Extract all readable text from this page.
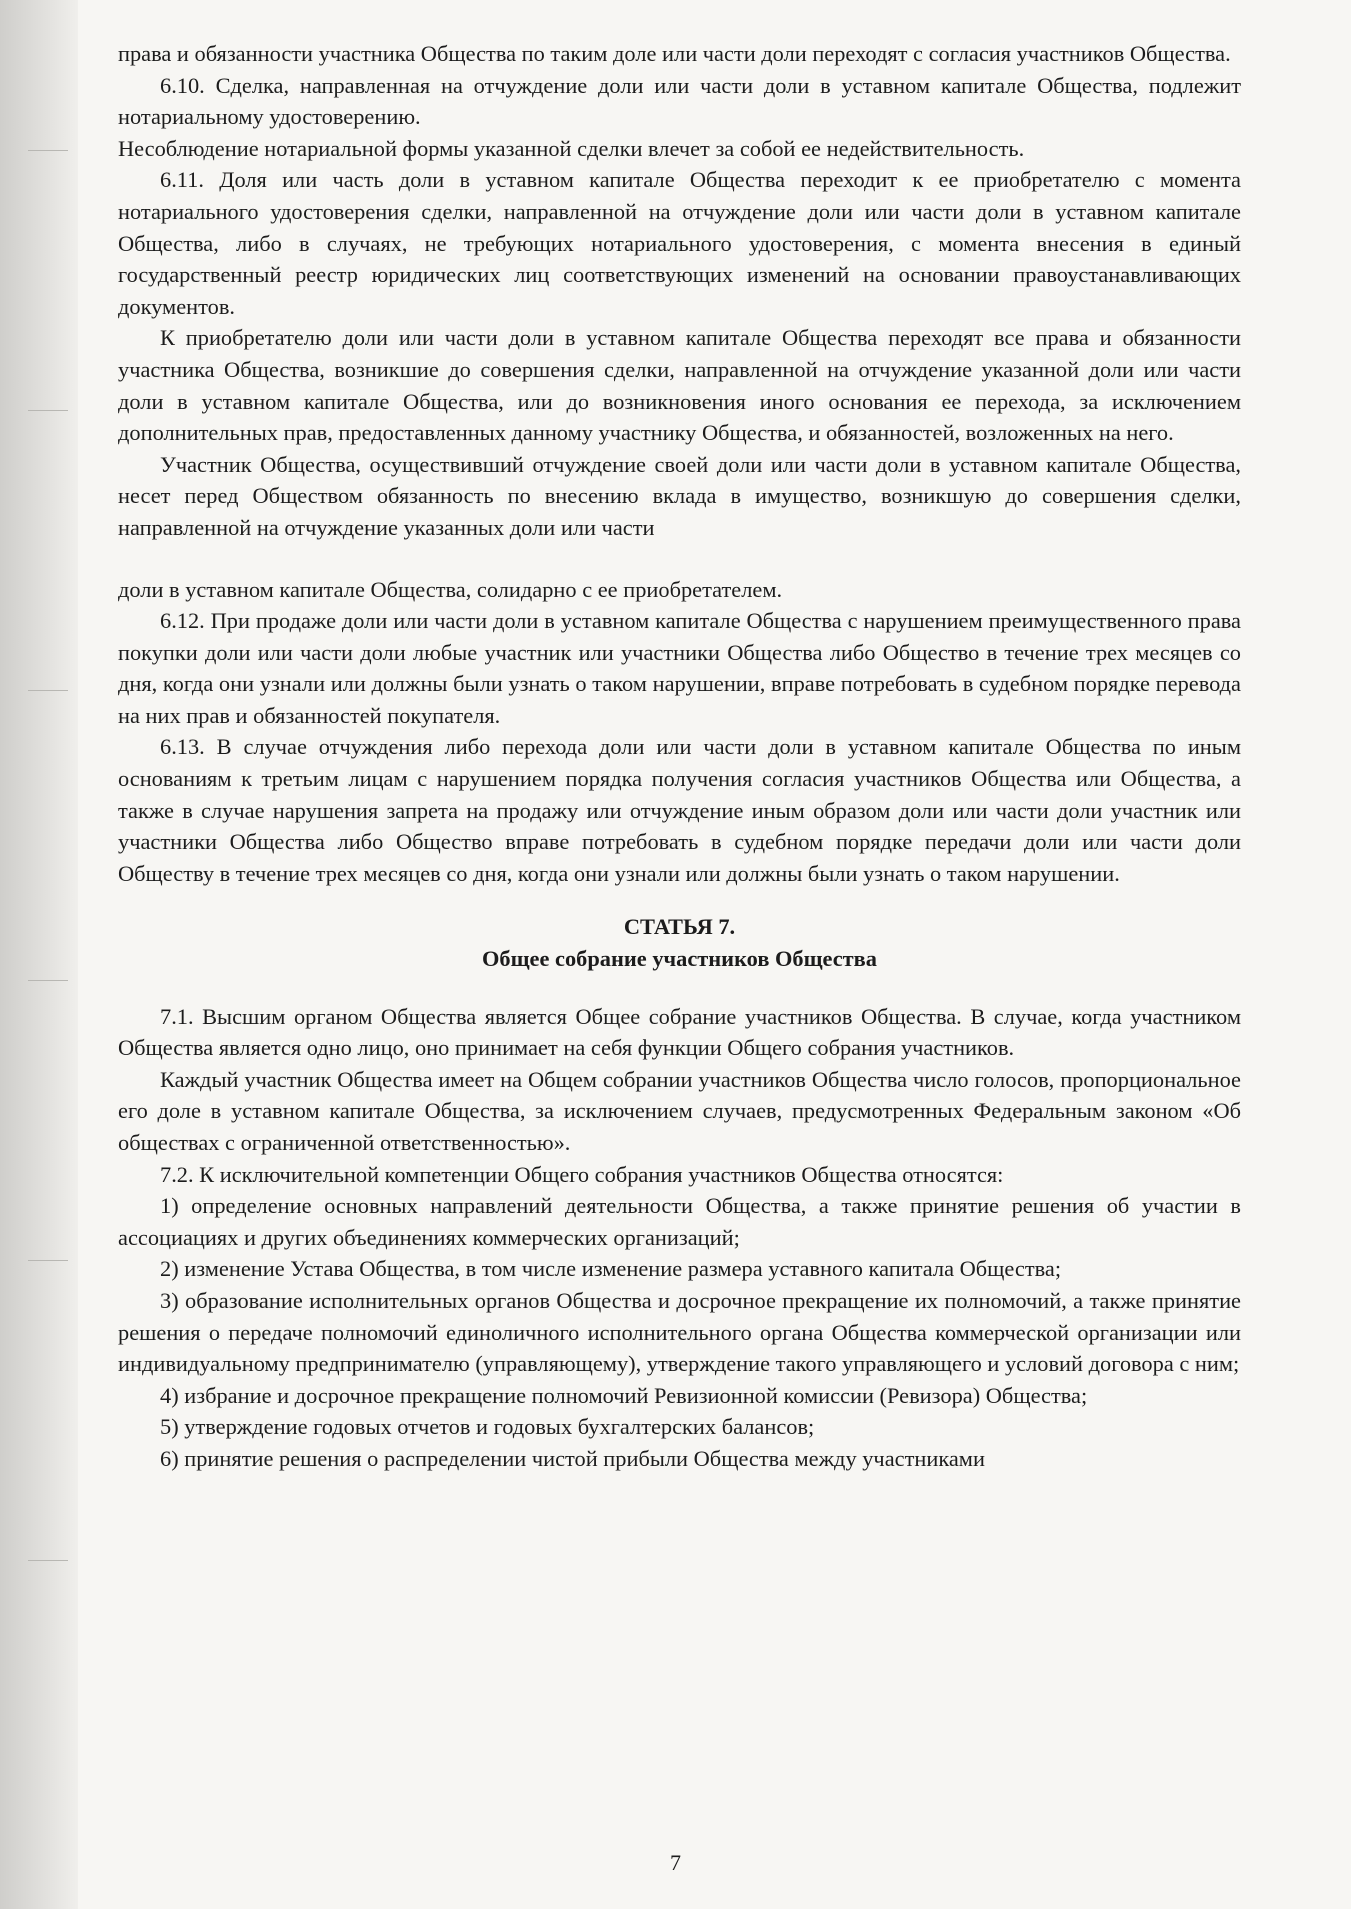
права и обязанности участника Общества по таким доле или части доли переходят с согласия участников Общества.

6.10. Сделка, направленная на отчуждение доли или части доли в уставном капитале Общества, подлежит нотариальному удостоверению.

Несоблюдение нотариальной формы указанной сделки влечет за собой ее недействительность.

6.11. Доля или часть доли в уставном капитале Общества переходит к ее приобретателю с момента нотариального удостоверения сделки, направленной на отчуждение доли или части доли в уставном капитале Общества, либо в случаях, не требующих нотариального удостоверения, с момента внесения в единый государственный реестр юридических лиц соответствующих изменений на основании правоустанавливающих документов.

К приобретателю доли или части доли в уставном капитале Общества переходят все права и обязанности участника Общества, возникшие до совершения сделки, направленной на отчуждение указанной доли или части доли в уставном капитале Общества, или до возникновения иного основания ее перехода, за исключением дополнительных прав, предоставленных данному участнику Общества, и обязанностей, возложенных на него.

Участник Общества, осуществивший отчуждение своей доли или части доли в уставном капитале Общества, несет перед Обществом обязанность по внесению вклада в имущество, возникшую до совершения сделки, направленной на отчуждение указанных доли или части

доли в уставном капитале Общества, солидарно с ее приобретателем.

6.12. При продаже доли или части доли в уставном капитале Общества с нарушением преимущественного права покупки доли или части доли любые участник или участники Общества либо Общество в течение трех месяцев со дня, когда они узнали или должны были узнать о таком нарушении, вправе потребовать в судебном порядке перевода на них прав и обязанностей покупателя.

6.13. В случае отчуждения либо перехода доли или части доли в уставном капитале Общества по иным основаниям к третьим лицам с нарушением порядка получения согласия участников Общества или Общества, а также в случае нарушения запрета на продажу или отчуждение иным образом доли или части доли участник или участники Общества либо Общество вправе потребовать в судебном порядке передачи доли или части доли Обществу в течение трех месяцев со дня, когда они узнали или должны были узнать о таком нарушении.

СТАТЬЯ 7.

Общее собрание участников Общества

7.1. Высшим органом Общества является Общее собрание участников Общества. В случае, когда участником Общества является одно лицо, оно принимает на себя функции Общего собрания участников.

Каждый участник Общества имеет на Общем собрании участников Общества число голосов, пропорциональное его доле в уставном капитале Общества, за исключением случаев, предусмотренных Федеральным законом «Об обществах с ограниченной ответственностью».

7.2. К исключительной компетенции Общего собрания участников Общества относятся:

1) определение основных направлений деятельности Общества, а также принятие решения об участии в ассоциациях и других объединениях коммерческих организаций;

2) изменение Устава Общества, в том числе изменение размера уставного капитала Общества;

3) образование исполнительных органов Общества и досрочное прекращение их полномочий, а также принятие решения о передаче полномочий единоличного исполнительного органа Общества коммерческой организации или индивидуальному предпринимателю (управляющему), утверждение такого управляющего и условий договора с ним;

4) избрание и досрочное прекращение полномочий Ревизионной комиссии (Ревизора) Общества;

5) утверждение годовых отчетов и годовых бухгалтерских балансов;

6) принятие решения о распределении чистой прибыли Общества между участниками

7
